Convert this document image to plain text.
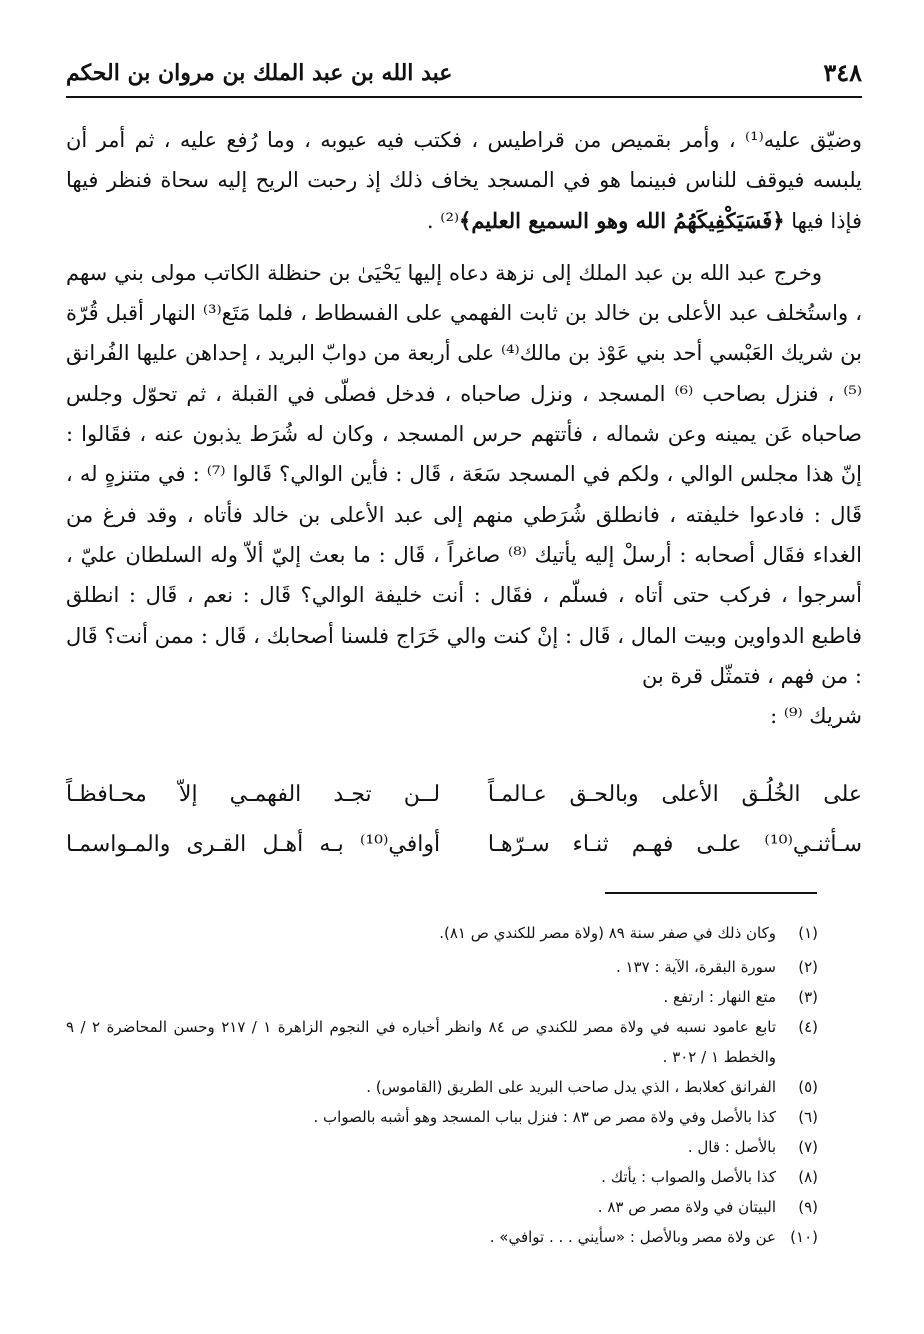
٣٤٨
عبد الله بن عبد الملك بن مروان بن الحكم

وضيّق عليه⁽¹⁾ ، وأمر بقميص من قراطيس ، فكتب فيه عيوبه ، وما رُفع عليه ، ثم أمر أن يلبسه فيوقف للناس فبينما هو في المسجد يخاف ذلك إذ رحبت الريح إليه سحاة فنظر فيها فإذا فيها ﴿فَسَيَكْفِيكَهُمُ الله وهو السميع العليم﴾⁽²⁾ .

وخرج عبد الله بن عبد الملك إلى نزهة دعاه إليها يَحْيَىٰ بن حنظلة الكاتب مولى بني سهم ، واستُخلف عبد الأعلى بن خالد بن ثابت الفهمي على الفسطاط ، فلما مَتَع⁽³⁾ النهار أقبل قُرّة بن شريك العَبْسي أحد بني عَوْذ بن مالك⁽⁴⁾ على أربعة من دوابّ البريد ، إحداهن عليها الفُرانق ⁽⁵⁾ ، فنزل بصاحب ⁽⁶⁾ المسجد ، ونزل صاحباه ، فدخل فصلّى في القبلة ، ثم تحوّل وجلس صاحباه عَن يمينه وعن شماله ، فأتتهم حرس المسجد ، وكان له شُرَط يذبون عنه ، فقَالوا : إنّ هذا مجلس الوالي ، ولكم في المسجد سَعَة ، قَال : فأين الوالي؟ قَالوا ⁽⁷⁾ : في متنزهٍ له ، قَال : فادعوا خليفته ، فانطلق شُرَطي منهم إلى عبد الأعلى بن خالد فأتاه ، وقد فرغ من الغداء فقَال أصحابه : أرسلْ إليه يأتيك ⁽⁸⁾ صاغراً ، قَال : ما بعث إليّ ألاّ وله السلطان عليّ ، أسرجوا ، فركب حتى أتاه ، فسلّم ، فقَال : أنت خليفة الوالي؟ قَال : نعم ، قَال : انطلق فاطبع الدواوين وبيت المال ، قَال : إنْ كنت والي خَرَاج فلسنا أصحابك ، قَال : ممن أنت؟ قَال : من فهم ، فتمثّل قرة بن

شريك ⁽⁹⁾ :

على الخُلُـق الأعلى وبالحـق عـالمـاً
لــن تجـد الفهمـي إلاّ محـافظـاً
سـأثنـي⁽¹⁰⁾ علـى فهـم ثنـاء سـرّهـا
أوافي⁽¹⁰⁾ بـه أهـل القـرى والمـواسمـا
(١)
وكان ذلك في صفر سنة ٨٩ (ولاة مصر للكندي ص ٨١).
(٢)
سورة البقرة، الآية : ١٣٧ .
(٣)
متع النهار : ارتفع .
(٤)
تابع عامود نسبه في ولاة مصر للكندي ص ٨٤ وانظر أخباره في النجوم الزاهرة ١ / ٢١٧ وحسن المحاضرة ٢ / ٩ والخطط ١ / ٣٠٢ .
(٥)
الفرانق كعلابط ، الذي يدل صاحب البريد على الطريق (القاموس) .
(٦)
كذا بالأصل وفي ولاة مصر ص ٨٣ : فنزل بباب المسجد وهو أشبه بالصواب .
(٧)
بالأصل : قال .
(٨)
كذا بالأصل والصواب : يأتك .
(٩)
البيتان في ولاة مصر ص ٨٣ .
(١٠)
عن ولاة مصر وبالأصل : «سأيني . . . توافي» .
